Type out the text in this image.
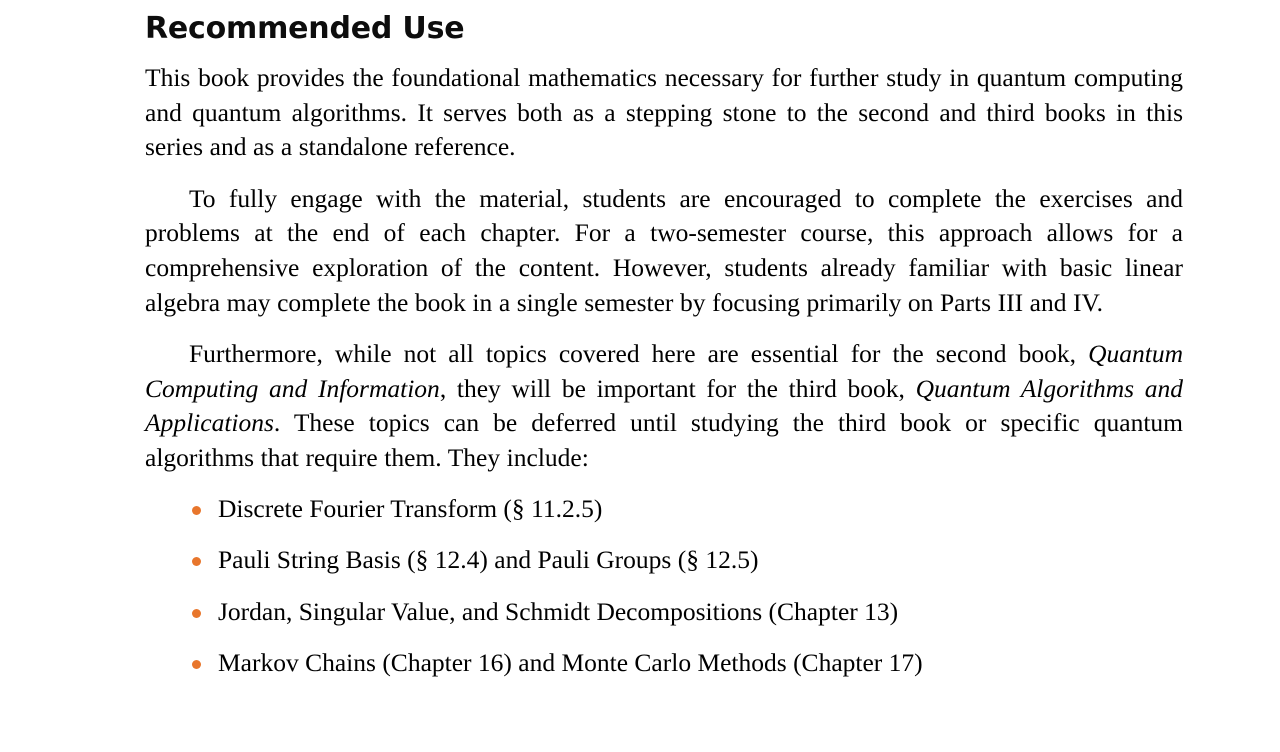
Recommended Use

This book provides the foundational mathematics necessary for further study in quantum computing and quantum algorithms. It serves both as a stepping stone to the second and third books in this series and as a standalone reference.

To fully engage with the material, students are encouraged to complete the exercises and problems at the end of each chapter. For a two-semester course, this approach allows for a comprehensive exploration of the content. However, students already familiar with basic linear algebra may complete the book in a single semester by focusing primarily on Parts III and IV.

Furthermore, while not all topics covered here are essential for the second book, Quantum Computing and Information, they will be important for the third book, Quantum Algorithms and Applications. These topics can be deferred until studying the third book or specific quantum algorithms that require them. They include:

Discrete Fourier Transform (§ 11.2.5)
Pauli String Basis (§ 12.4) and Pauli Groups (§ 12.5)
Jordan, Singular Value, and Schmidt Decompositions (Chapter 13)
Markov Chains (Chapter 16) and Monte Carlo Methods (Chapter 17)
